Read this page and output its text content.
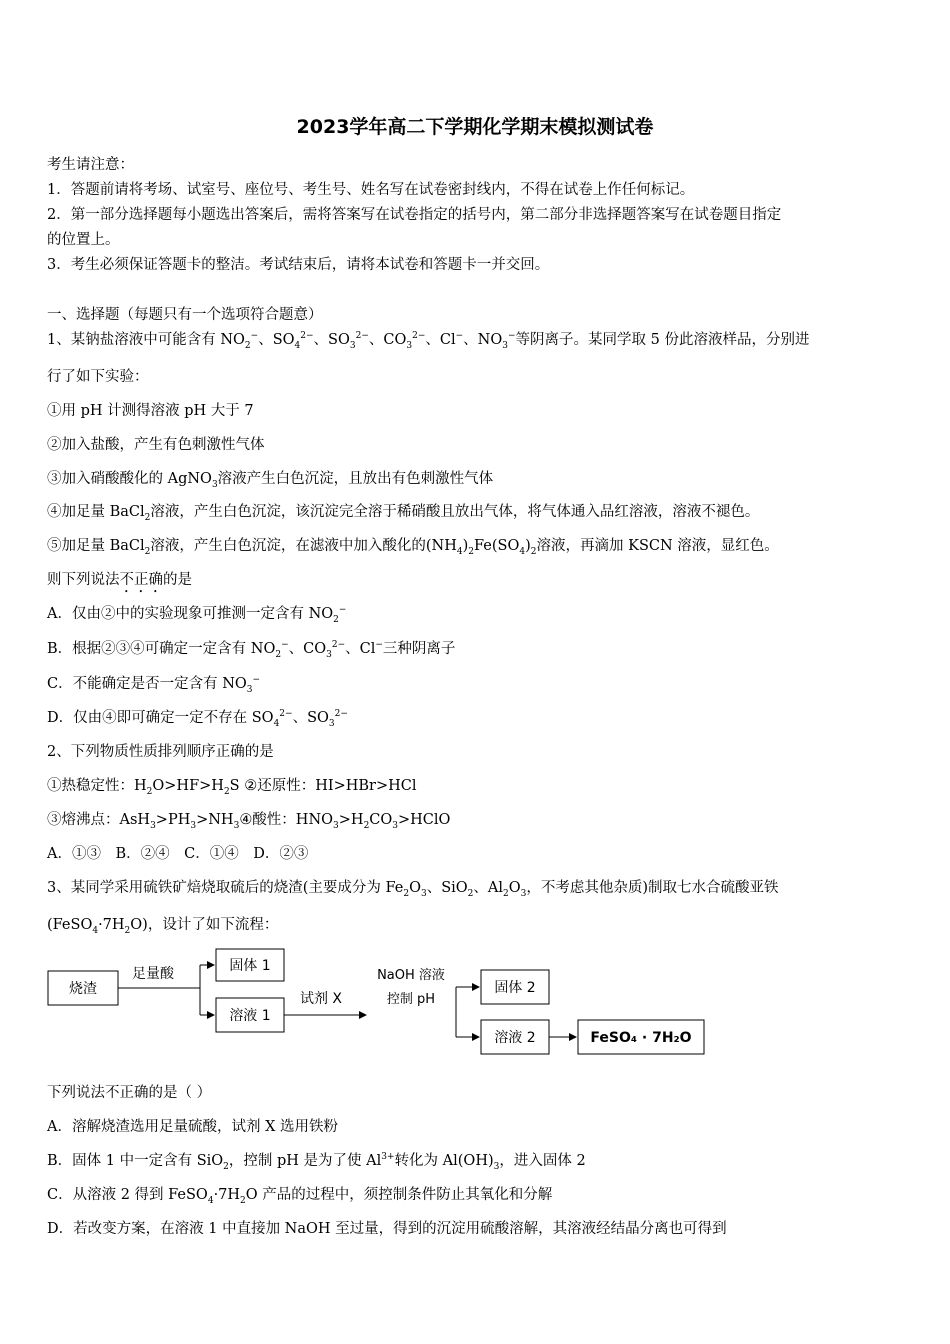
2023学年高二下学期化学期末模拟测试卷
考生请注意：
1．答题前请将考场、试室号、座位号、考生号、姓名写在试卷密封线内，不得在试卷上作任何标记。
2．第一部分选择题每小题选出答案后，需将答案写在试卷指定的括号内，第二部分非选择题答案写在试卷题目指定
的位置上。
3．考生必须保证答题卡的整洁。考试结束后，请将本试卷和答题卡一并交回。
一、选择题（每题只有一个选项符合题意）
1、某钠盐溶液中可能含有 $NO_2^-$、$SO_4^{2-}$、$SO_3^{2-}$、$CO_3^{2-}$、Cl−、$NO_3^-$等阴离子。某同学取 5 份此溶液样品，分别进
行了如下实验：
①用 pH 计测得溶液 pH 大于 7
②加入盐酸，产生有色刺激性气体
③加入硝酸酸化的 AgNO$_3$溶液产生白色沉淀，且放出有色刺激性气体
④加足量 BaCl$_2$溶液，产生白色沉淀，该沉淀完全溶于稀硝酸且放出气体，将气体通入品红溶液，溶液不褪色。
⑤加足量 BaCl$_2$溶液，产生白色沉淀，在滤液中加入酸化的$(NH_4)_2Fe(SO_4)_2$溶液，再滴加 KSCN 溶液，显红色。
则下列说法不正确的是
A．仅由②中的实验现象可推测一定含有 $NO_2^-$
B．根据②③④可确定一定含有 $NO_2^-$、$CO_3^{2-}$、Cl−三种阴离子
C．不能确定是否一定含有 $NO_3^-$
D．仅由④即可确定一定不存在 $SO_4^{2-}$、$SO_3^{2-}$
2、下列物质性质排列顺序正确的是
①热稳定性：$H_2O>HF>H_2S$ ②还原性：HI>HBr>HCl
③熔沸点：$AsH_3>PH_3>NH_3④$酸性：$HNO_3>H_2CO_3>HClO$
A．①③　B．②④　C．①④　D．②③
3、某同学采用硫铁矿焙烧取硫后的烧渣(主要成分为 $Fe_2O_3$、SiO$_2$、$Al_2O_3$，不考虑其他杂质)制取七水合硫酸亚铁
$(FeSO_4\cdot 7H_2O)$，设计了如下流程：
烧渣
足量酸	固体 1
溶液 1
试剂 X
NaOH 溶液
控制 pH
固体 2
溶液 2	FeSO₄ · 7H₂O
下列说法不正确的是（ ）
A．溶解烧渣选用足量硫酸，试剂 X 选用铁粉
B．固体 1 中一定含有 SiO$_2$，控制 pH 是为了使 $Al^{3+}$转化为 $Al(OH)_3$，进入固体 2
C．从溶液 2 得到 $FeSO_4\cdot 7H_2O$ 产品的过程中，须控制条件防止其氧化和分解
D．若改变方案，在溶液 1 中直接加 NaOH 至过量，得到的沉淀用硫酸溶解，其溶液经结晶分离也可得到
